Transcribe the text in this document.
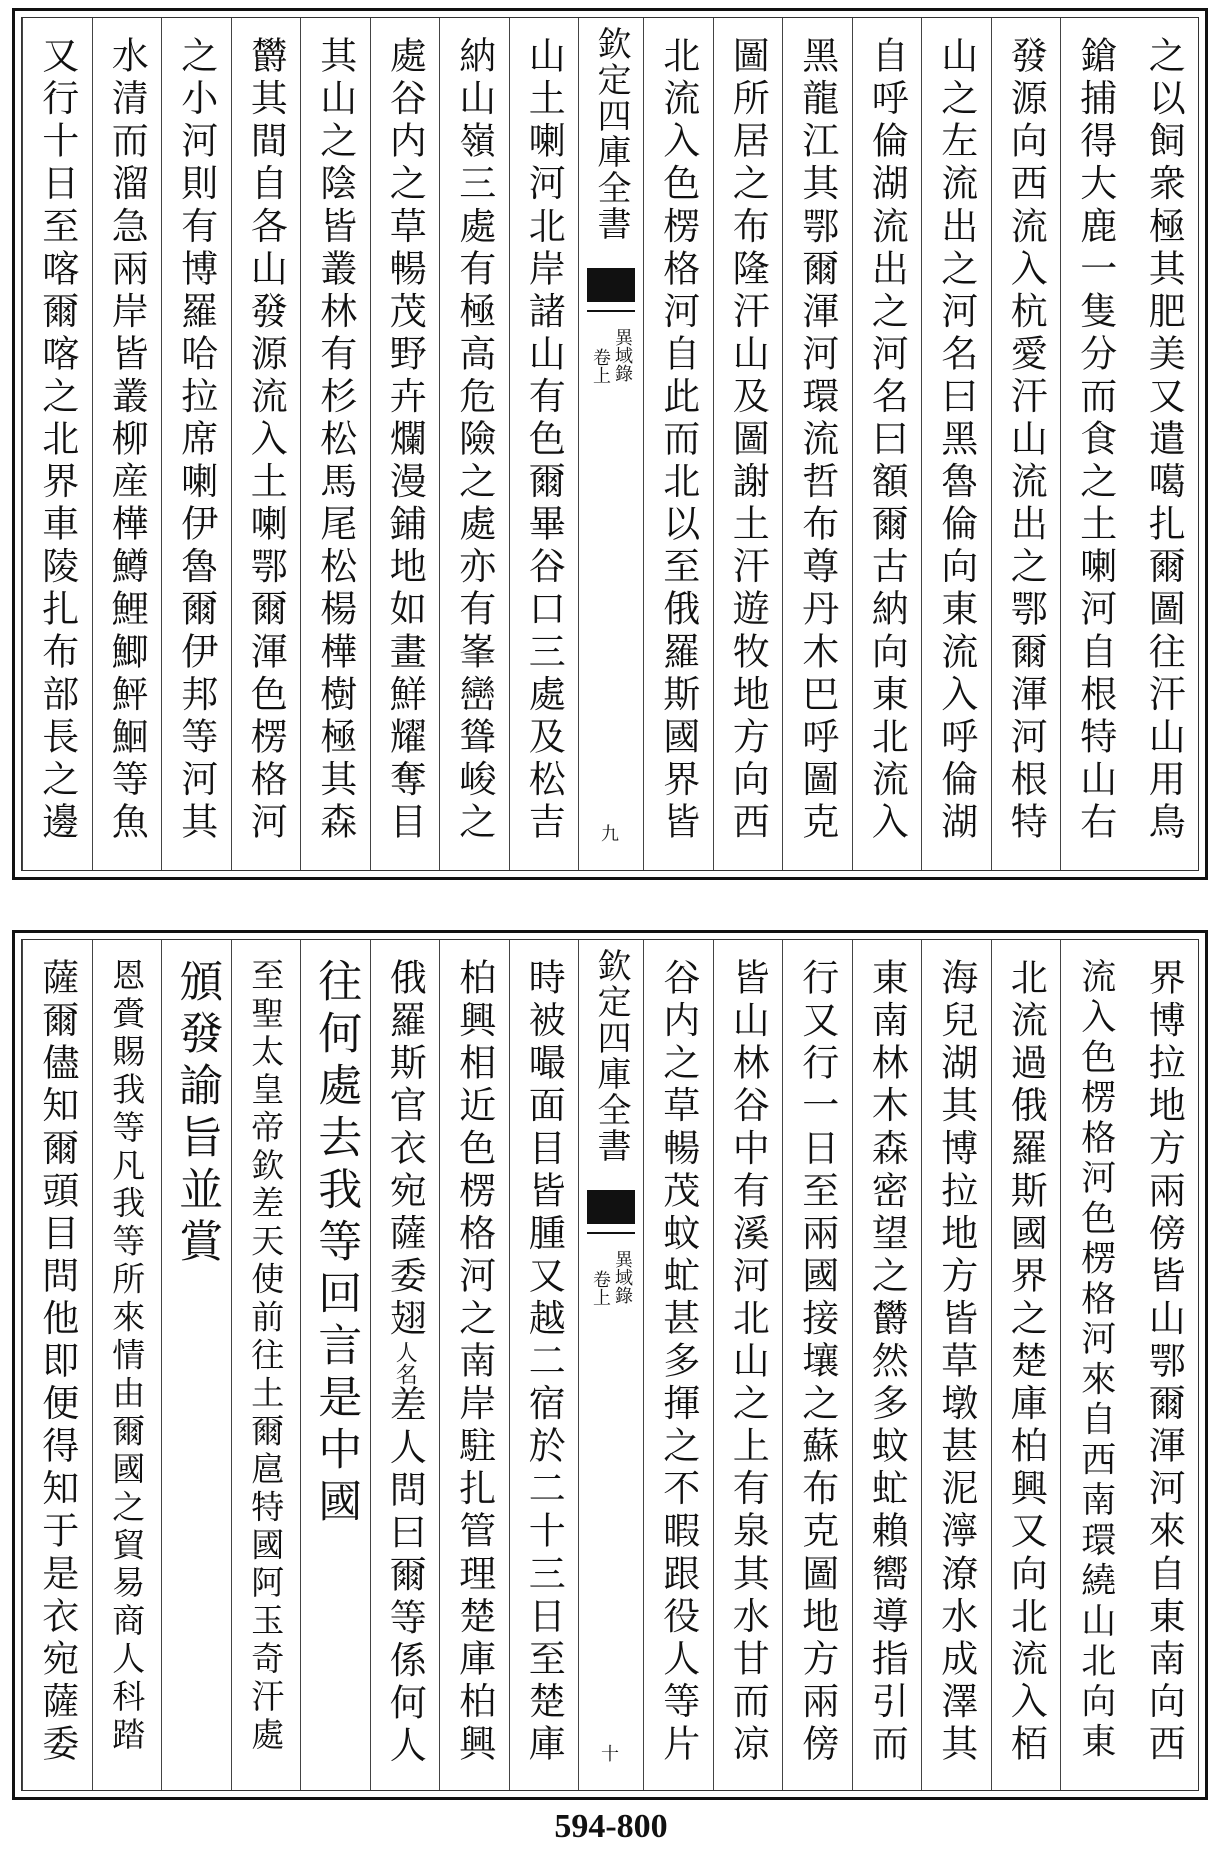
之以飼衆極其肥美又遣噶扎爾圖往汗山用鳥
鎗捕得大鹿一隻分而食之土喇河自根特山右
發源向西流入杭愛汗山流出之鄂爾渾河根特
山之左流出之河名曰黑魯倫向東流入呼倫湖
自呼倫湖流出之河名曰額爾古納向東北流入
黑龍江其鄂爾渾河環流哲布尊丹木巴呼圖克
圖所居之布隆汗山及圖謝土汗遊牧地方向西
北流入色楞格河自此而北以至俄羅斯國界皆
欽定四庫全書
異域錄
卷上
九
山土喇河北岸諸山有色爾畢谷口三處及松吉
納山嶺三處有極高危險之處亦有峯巒聳峻之
處谷内之草暢茂野卉爛漫鋪地如畫鮮耀奪目
其山之陰皆叢林有杉松馬尾松楊樺樹極其森
欝其間自各山發源流入土喇鄂爾渾色楞格河
之小河則有博羅哈拉席喇伊魯爾伊邦等河其
水清而溜急兩岸皆叢柳産樺鱒鯉鯽鮃鮰等魚
又行十日至喀爾喀之北界車陵扎布部長之邊
界博拉地方兩傍皆山鄂爾渾河來自東南向西
流入色楞格河色楞格河來自西南環繞山北向東
北流過俄羅斯國界之楚庫柏興又向北流入栢
海兒湖其博拉地方皆草墩甚泥濘潦水成澤其
東南林木森密望之欝然多蚊虻賴嚮導指引而
行又行一日至兩國接壤之蘇布克圖地方兩傍
皆山林谷中有溪河北山之上有泉其水甘而凉
谷内之草暢茂蚊虻甚多揮之不暇跟役人等片
欽定四庫全書
異域錄
卷上
十
時被嘬面目皆腫又越二宿於二十三日至楚庫
柏興相近色楞格河之南岸駐扎管理楚庫柏興
俄羅斯官衣宛薩委翅人名差人問曰爾等係何人
往何處去我等回言是中國
至聖太皇帝欽差天使前往土爾扈特國阿玉奇汗處
頒發諭旨並賞
恩賫賜我等凡我等所來情由爾國之貿易商人科踏
薩爾儘知爾頭目問他即便得知于是衣宛薩委
594-800
